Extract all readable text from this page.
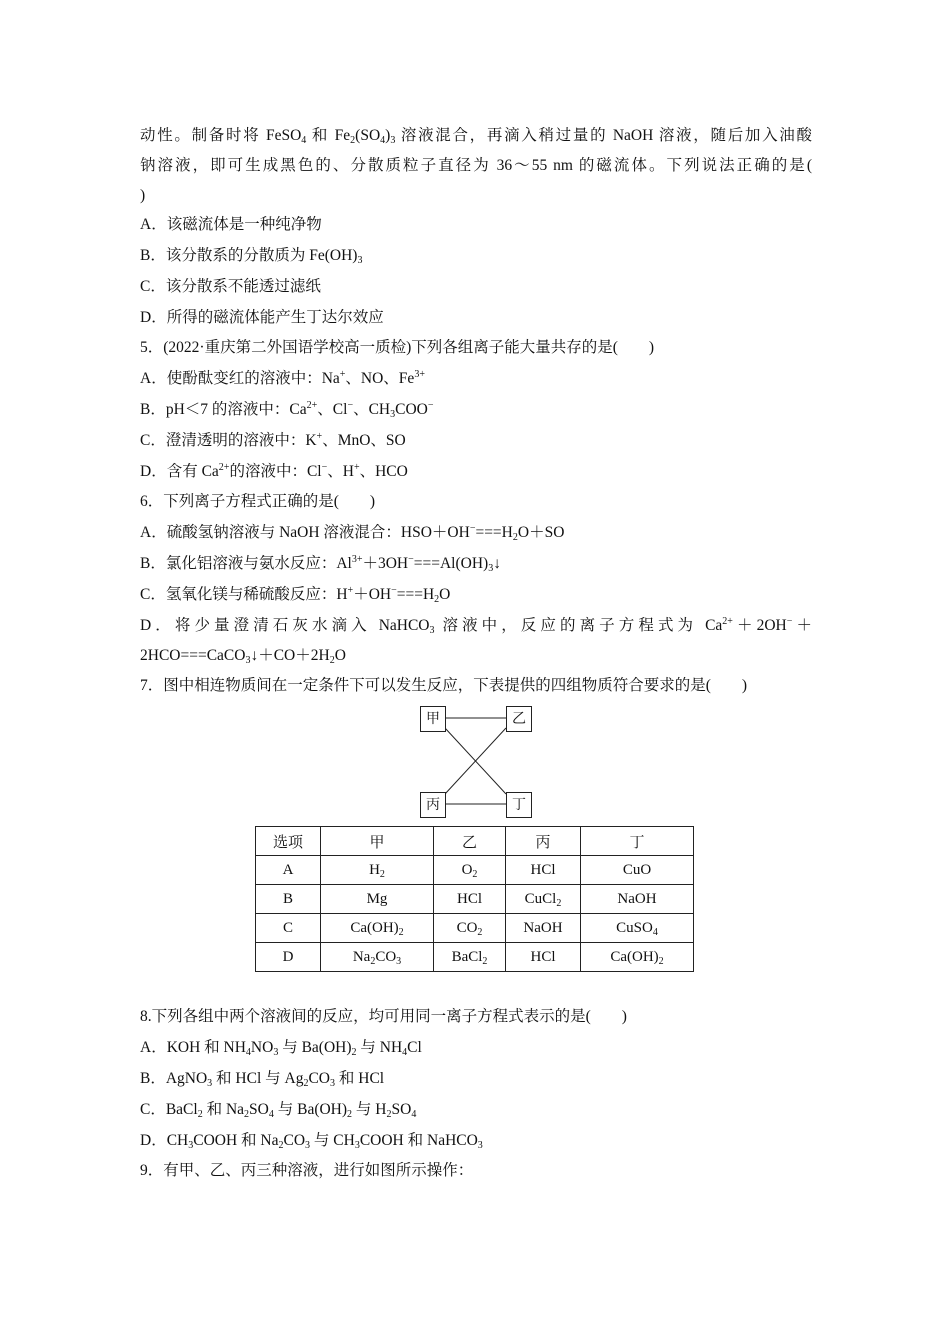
动性。制备时将 FeSO$_4$ 和 $Fe_2(SO_4)_3$ 溶液混合，再滴入稍过量的 NaOH 溶液，随后加入油酸
钠溶液，即可生成黑色的、分散质粒子直径为 36～55 nm 的磁流体。下列说法正确的是(
)
A．该磁流体是一种纯净物
B．该分散系的分散质为 $Fe(OH)_3$
C．该分散系不能透过滤纸
D．所得的磁流体能产生丁达尔效应
5．(2022·重庆第二外国语学校高一质检)下列各组离子能大量共存的是(　　)
A．使酚酞变红的溶液中：Na+、NO、$Fe^{3+}$
B．pH＜7 的溶液中：$Ca^{2+}$、Cl−、$CH_3COO^-$
C．澄清透明的溶液中：K+、MnO、SO
D．含有 $Ca^{2+}$的溶液中：Cl−、H+、HCO
6．下列离子方程式正确的是(　　)
A．硫酸氢钠溶液与 NaOH 溶液混合：$HSO+OH^-===H_2O+SO$
B．氯化铝溶液与氨水反应：$Al^{3+}+3OH^-===Al(OH)_3↓$
C．氢氧化镁与稀硫酸反应：$H^++OH^-===H_2O$
D．将少量澄清石灰水滴入 NaHCO$_3$ 溶液中，反应的离子方程式为 $Ca^{2+}+2OH^-+$
$2HCO===CaCO_3↓+CO+2H_2O$
7．图中相连物质间在一定条件下可以发生反应，下表提供的四组物质符合要求的是(　　)
甲	乙
丙	丁
选项	甲	乙	丙	丁
A	$H_2$	$O_2$	HCl	CuO
B	Mg	HCl	CuCl$_2$	NaOH
C	$Ca(OH)_2$	$CO_2$	NaOH	CuSO$_4$
D	$Na_2CO_3$	BaCl$_2$	HCl	$Ca(OH)_2$
8.下列各组中两个溶液间的反应，均可用同一离子方程式表示的是(　　)
A．KOH 和 $NH_4NO_3$ 与 $Ba(OH)_2$ 与 $NH_4Cl$
B．AgNO$_3$ 和 HCl 与 $Ag_2CO_3$ 和 HCl
C．BaCl$_2$ 和 $Na_2SO_4$ 与 $Ba(OH)_2$ 与 $H_2SO_4$
D．$CH_3COOH$ 和 $Na_2CO_3$ 与 $CH_3COOH$ 和 NaHCO$_3$
9．有甲、乙、丙三种溶液，进行如图所示操作：
